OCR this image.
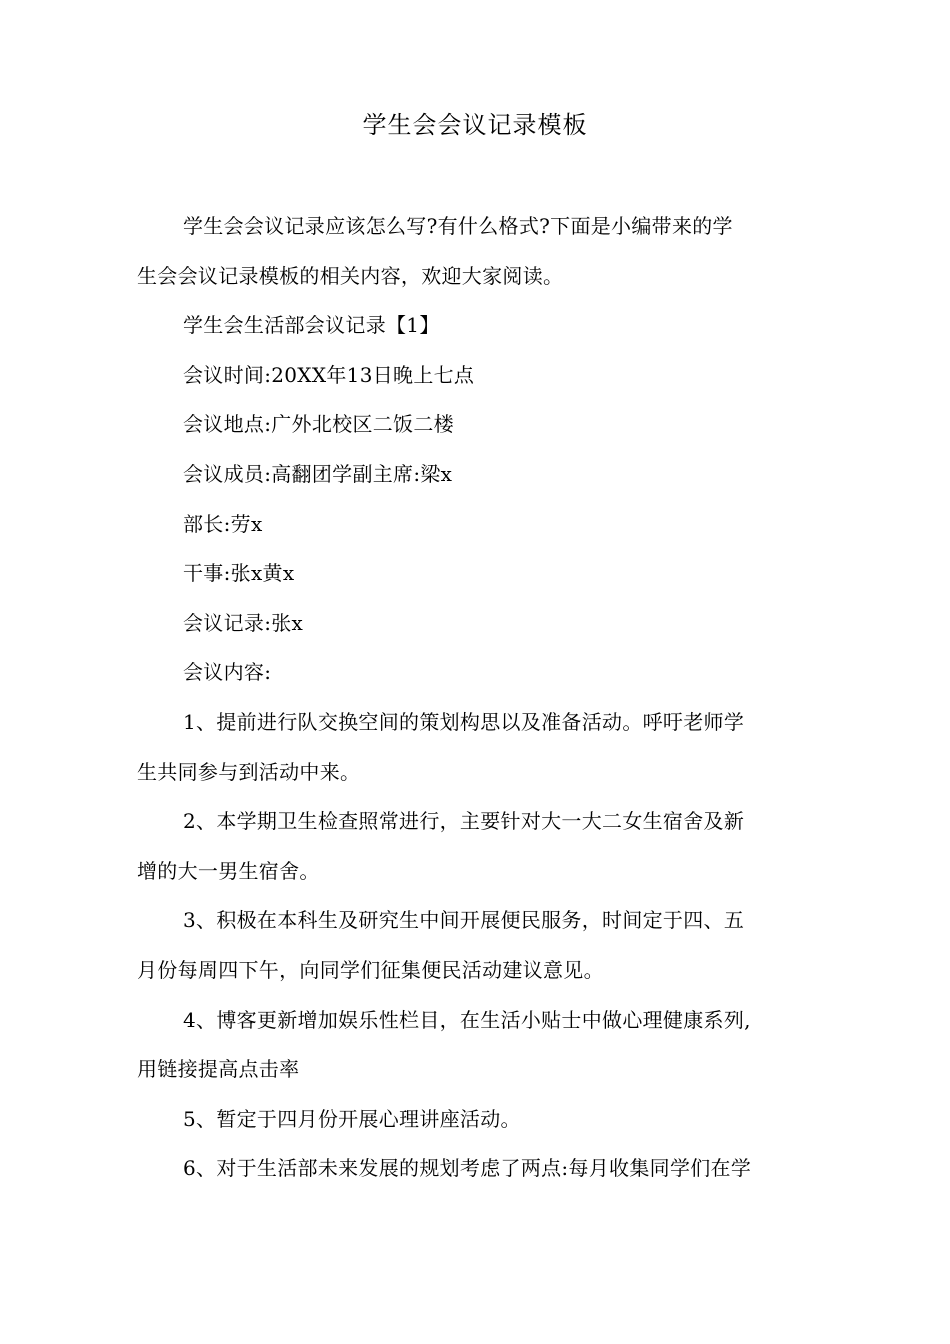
学生会会议记录模板

学生会会议记录应该怎么写?有什么格式?下面是小编带来的学

生会会议记录模板的相关内容，欢迎大家阅读。

学生会生活部会议记录【1】

会议时间:20XX年13日晚上七点

会议地点:广外北校区二饭二楼

会议成员:高翻团学副主席:梁x

部长:劳x

干事:张x黄x

会议记录:张x

会议内容:

1、提前进行队交换空间的策划构思以及准备活动。呼吁老师学

生共同参与到活动中来。

2、本学期卫生检查照常进行，主要针对大一大二女生宿舍及新

增的大一男生宿舍。

3、积极在本科生及研究生中间开展便民服务，时间定于四、五

月份每周四下午，向同学们征集便民活动建议意见。

4、博客更新增加娱乐性栏目，在生活小贴士中做心理健康系列,

用链接提高点击率

5、暂定于四月份开展心理讲座活动。

6、对于生活部未来发展的规划考虑了两点:每月收集同学们在学
